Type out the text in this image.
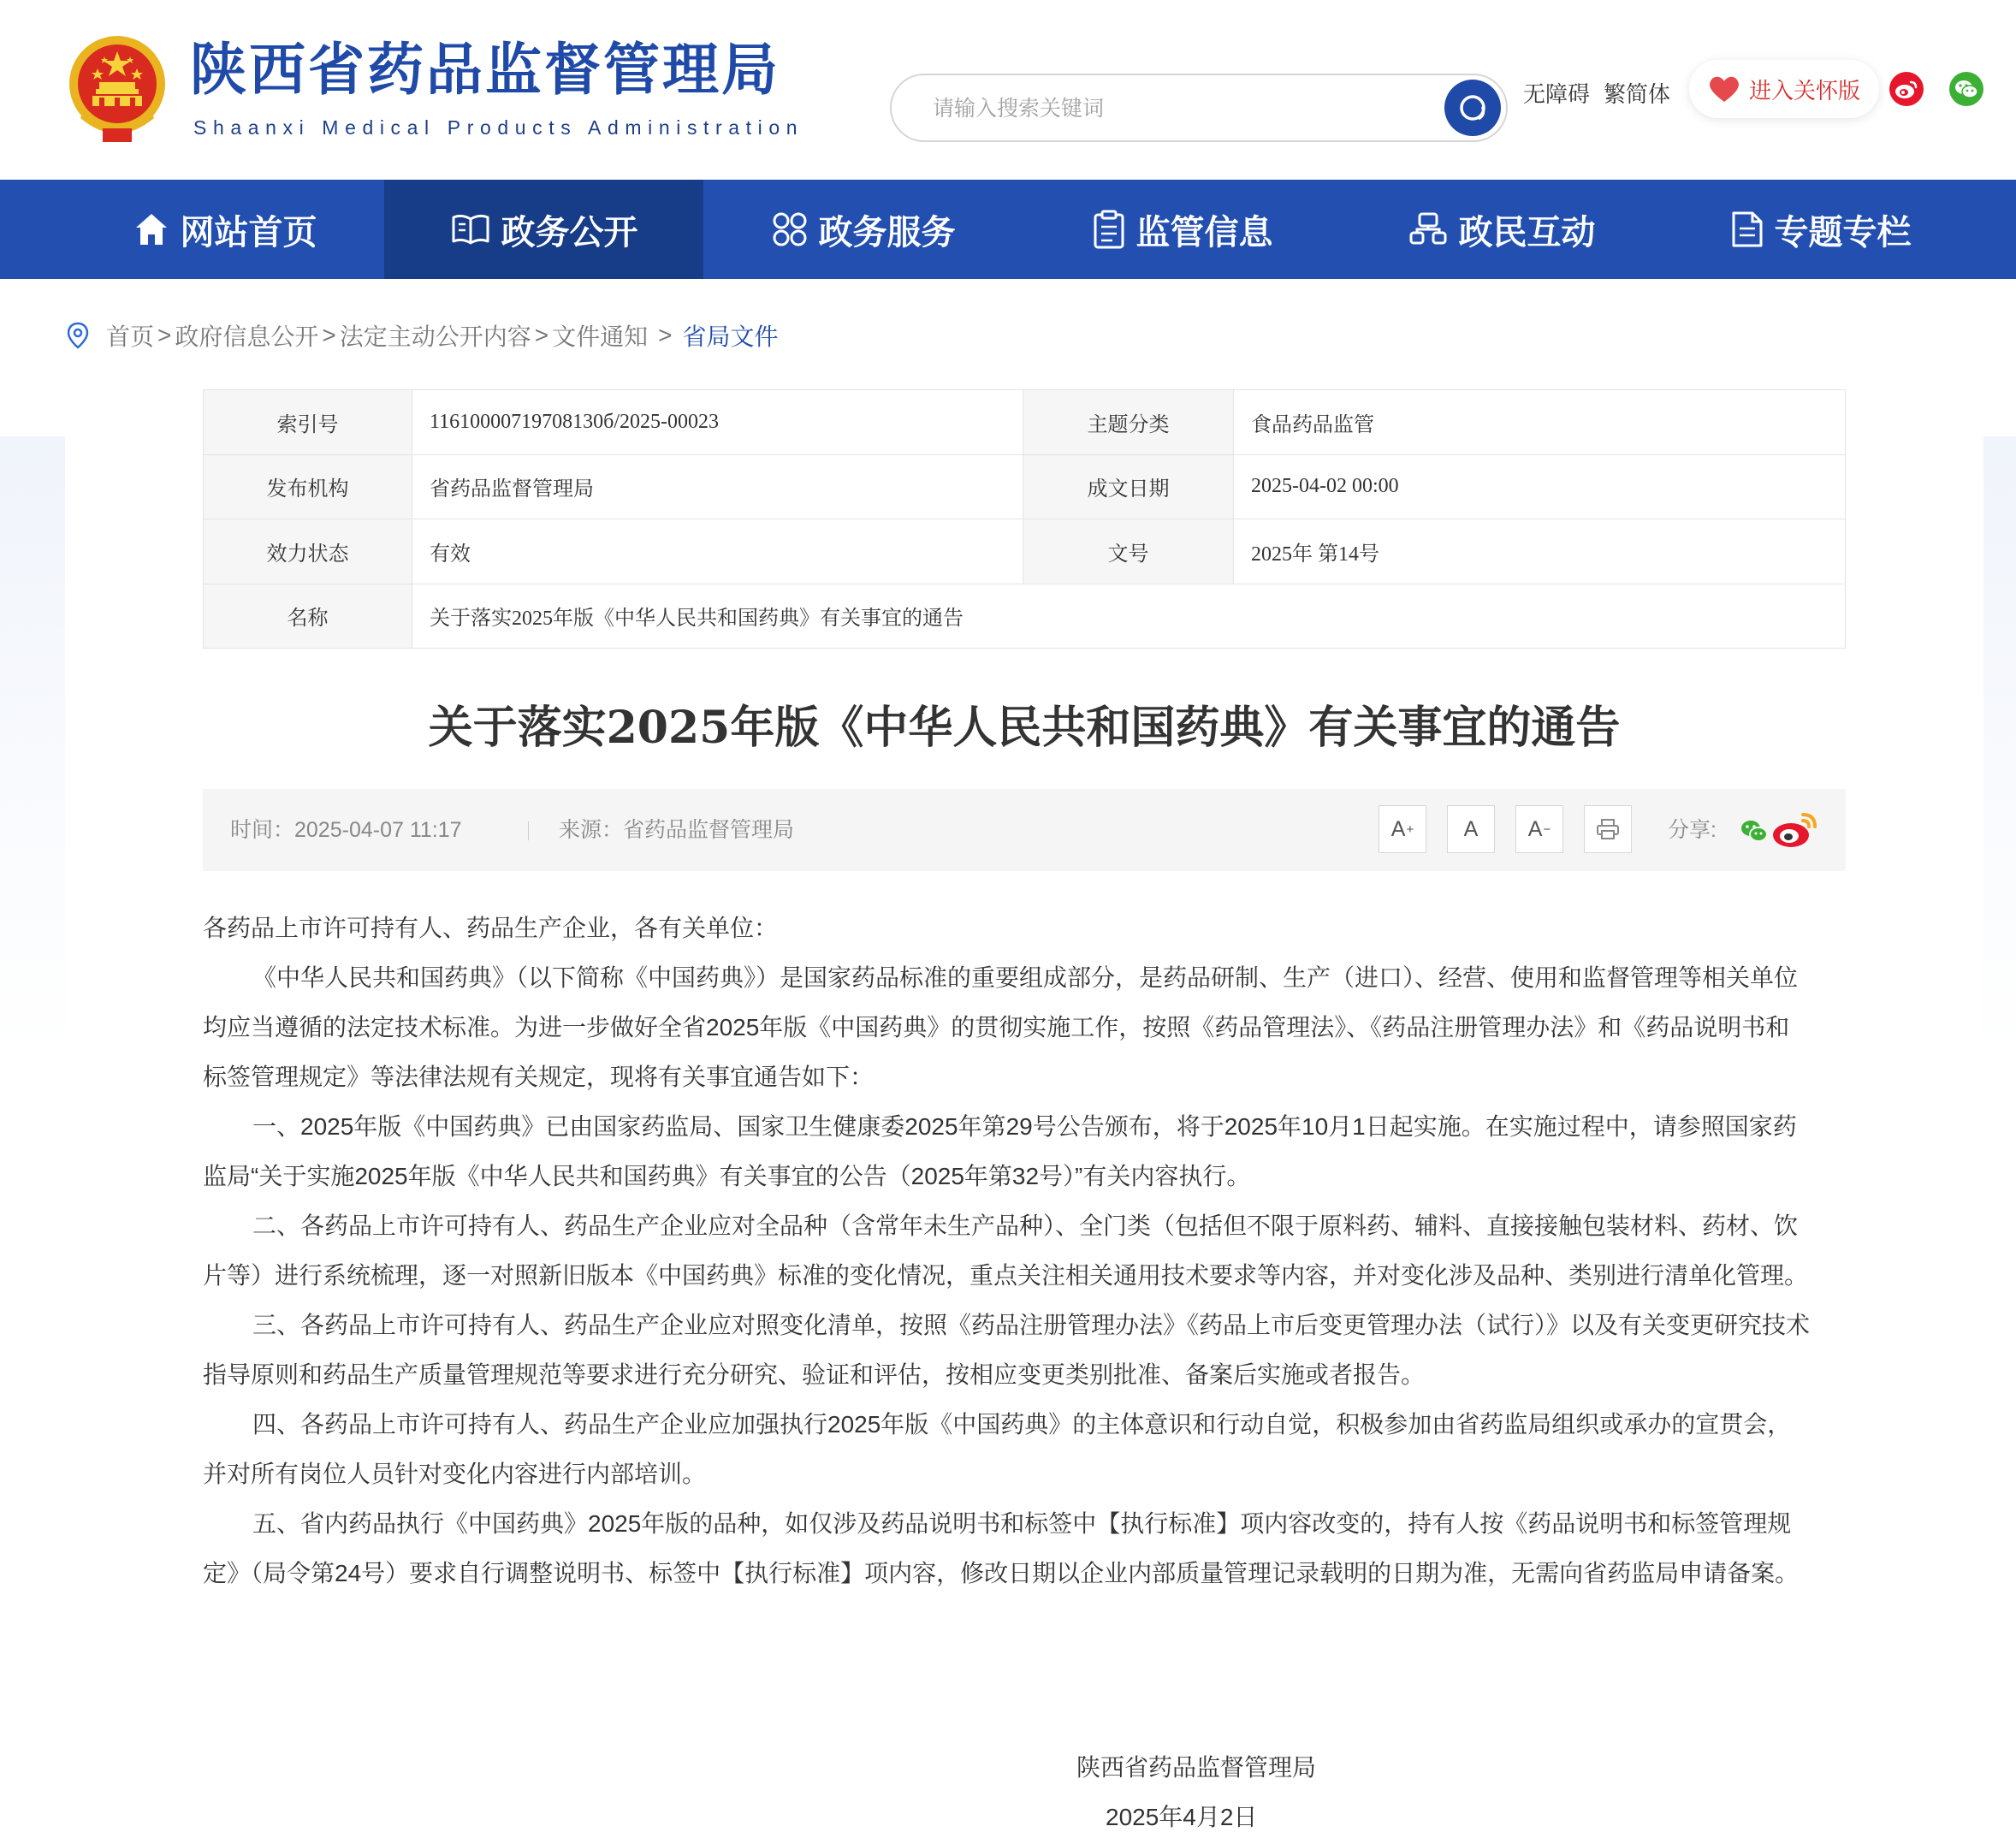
陕西省药品监督管理局
Shaanxi Medical Products Administration
请输入搜索关键词
无障碍 繁简体	进入关怀版
网站首页	政务公开	政务服务	监管信息	政民互动	专题专栏
首页 > 政府信息公开 > 法定主动公开内容 > 文件通知 > 省局文件
索引号	11610000719708130б/2025-00023	主题分类	食品药品监管
发布机构	省药品监督管理局	成文日期	2025-04-02 00:00
效力状态	有效	文号	2025年 第14号
名称	关于落实2025年版《中华人民共和国药典》有关事宜的通告		
关于落实2025年版《中华人民共和国药典》有关事宜的通告
时间：2025-04-07 11:17	来源：省药品监督管理局	A + A A −	分享:

各药品上市许可持有人、药品生产企业，各有关单位：

《中华人民共和国药典》（以下简称《中国药典》）是国家药品标准的重要组成部分，是药品研制、生产（进口）、经营、使用和监督管理等相关单位均应当遵循的法定技术标准。为进一步做好全省2025年版《中国药典》的贯彻实施工作，按照《药品管理法》、《药品注册管理办法》和《药品说明书和标签管理规定》等法律法规有关规定，现将有关事宜通告如下：

一、2025年版《中国药典》已由国家药监局、国家卫生健康委2025年第29号公告颁布，将于2025年10月1日起实施。在实施过程中，请参照国家药监局“关于实施2025年版《中华人民共和国药典》有关事宜的公告（2025年第32号）”有关内容执行。

二、各药品上市许可持有人、药品生产企业应对全品种（含常年未生产品种）、全门类（包括但不限于原料药、辅料、直接接触包装材料、药材、饮片等）进行系统梳理，逐一对照新旧版本《中国药典》标准的变化情况，重点关注相关通用技术要求等内容，并对变化涉及品种、类别进行清单化管理。

三、各药品上市许可持有人、药品生产企业应对照变化清单，按照《药品注册管理办法》《药品上市后变更管理办法（试行）》以及有关变更研究技术指导原则和药品生产质量管理规范等要求进行充分研究、验证和评估，按相应变更类别批准、备案后实施或者报告。

四、各药品上市许可持有人、药品生产企业应加强执行2025年版《中国药典》的主体意识和行动自觉，积极参加由省药监局组织或承办的宣贯会，并对所有岗位人员针对变化内容进行内部培训。

五、省内药品执行《中国药典》2025年版的品种，如仅涉及药品说明书和标签中【执行标准】项内容改变的，持有人按《药品说明书和标签管理规定》（局令第24号）要求自行调整说明书、标签中【执行标准】项内容，修改日期以企业内部质量管理记录载明的日期为准，无需向省药监局申请备案。

陕西省药品监督管理局
2025年4月2日
